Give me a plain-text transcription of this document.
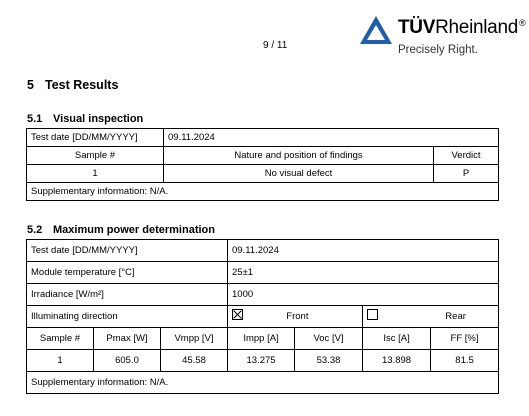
9 / 11
TÜVRheinland®
Precisely Right.
5 Test Results
5.1 Visual inspection
Test date [DD/MM/YYYY]	09.11.2024	
Sample #	Nature and position of findings	Verdict
1	No visual defect	P
Supplementary information: N/A.		
5.2 Maximum power determination
Test date [DD/MM/YYYY]			09.11.2024			
Module temperature [°C]			25±1			
Irradiance [W/m²]			1000			
Illuminating direction			Front		Rear	
Sample #	Pmax [W]	Vmpp [V]	Impp [A]	Voc [V]	Isc [A]	FF [%]
1	605.0	45.58	13.275	53.38	13.898	81.5
Supplementary information: N/A.						
